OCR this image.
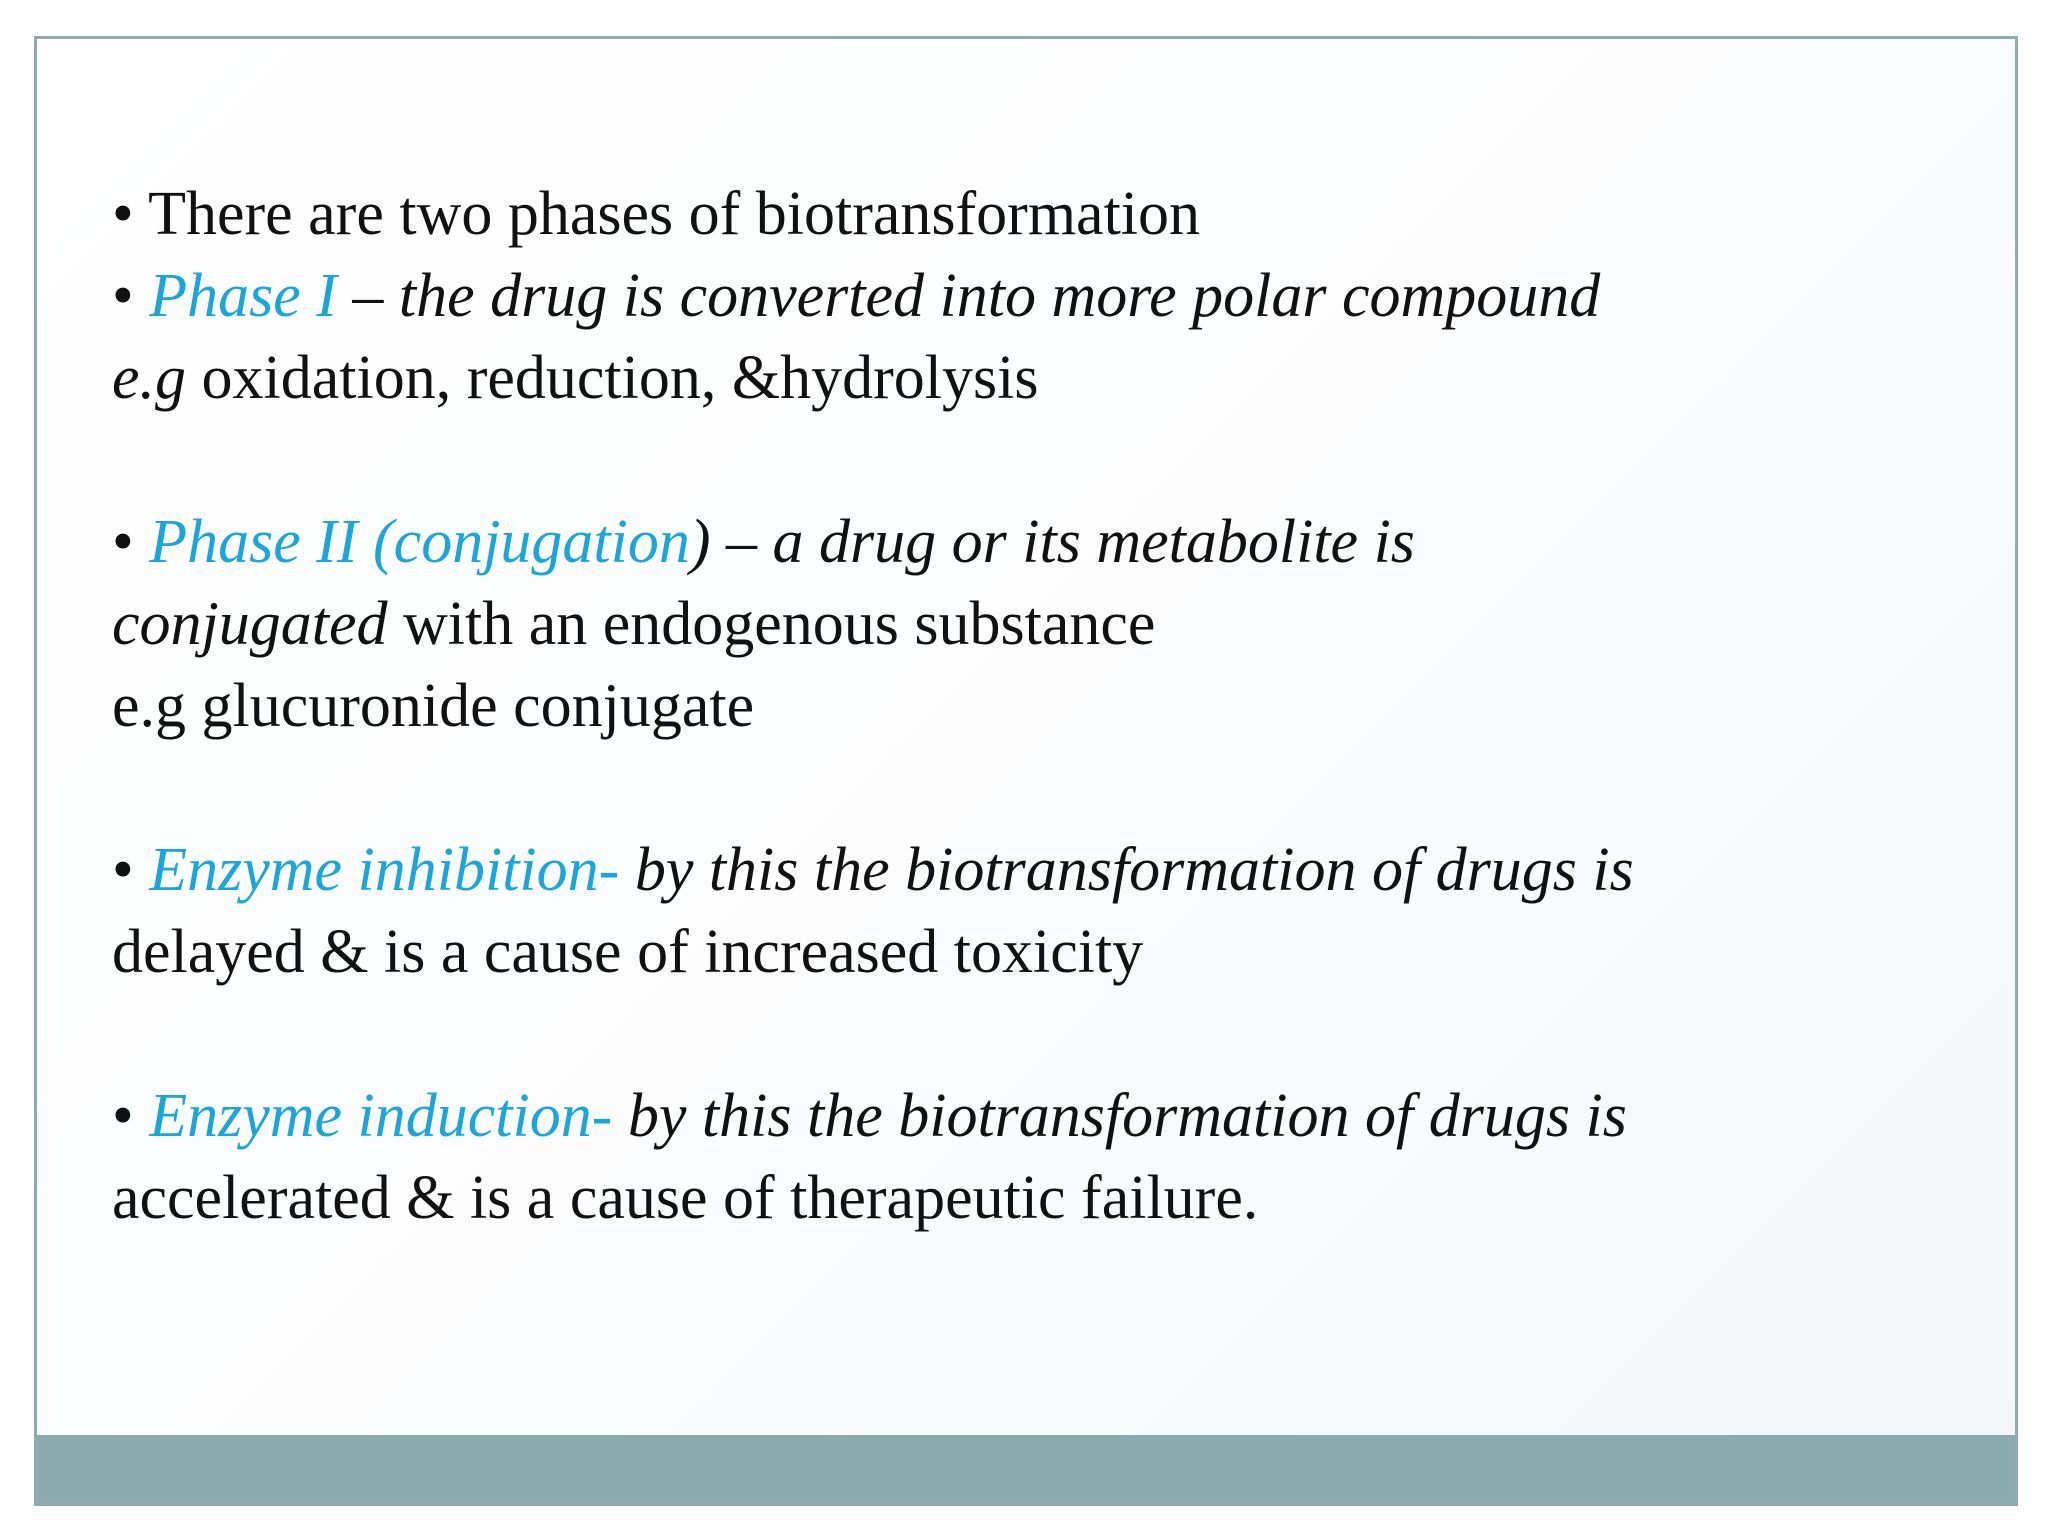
• There are two phases of biotransformation
• Phase I – the drug is converted into more polar compound
e.g oxidation, reduction, &hydrolysis
• Phase II (conjugation) – a drug or its metabolite is
conjugated with an endogenous substance
e.g glucuronide conjugate
• Enzyme inhibition- by this the biotransformation of drugs is
delayed & is a cause of increased toxicity
• Enzyme induction- by this the biotransformation of drugs is
accelerated & is a cause of therapeutic failure.
